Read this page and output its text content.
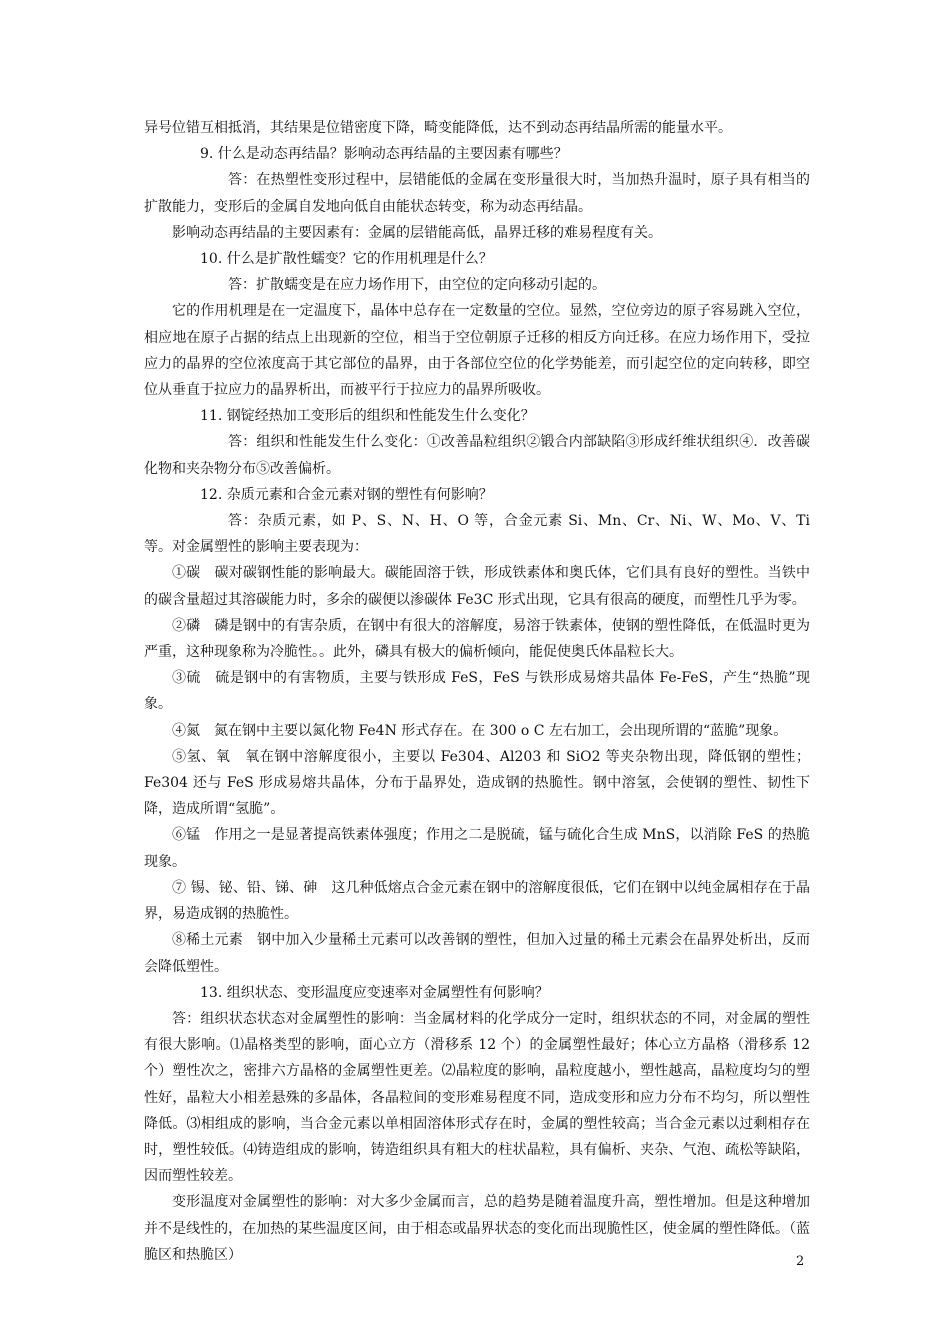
异号位错互相抵消，其结果是位错密度下降，畸变能降低，达不到动态再结晶所需的能量水平。

9. 什么是动态再结晶？影响动态再结晶的主要因素有哪些？

答：在热塑性变形过程中，层错能低的金属在变形量很大时，当加热升温时，原子具有相当的扩散能力，变形后的金属自发地向低自由能状态转变，称为动态再结晶。

影响动态再结晶的主要因素有：金属的层错能高低，晶界迁移的难易程度有关。

10. 什么是扩散性蠕变？它的作用机理是什么？

答：扩散蠕变是在应力场作用下，由空位的定向移动引起的。

它的作用机理是在一定温度下，晶体中总存在一定数量的空位。显然，空位旁边的原子容易跳入空位，相应地在原子占据的结点上出现新的空位，相当于空位朝原子迁移的相反方向迁移。在应力场作用下，受拉应力的晶界的空位浓度高于其它部位的晶界，由于各部位空位的化学势能差，而引起空位的定向转移，即空位从垂直于拉应力的晶界析出，而被平行于拉应力的晶界所吸收。

11. 钢锭经热加工变形后的组织和性能发生什么变化？

答：组织和性能发生什么变化：①改善晶粒组织②锻合内部缺陷③形成纤维状组织④．改善碳化物和夹杂物分布⑤改善偏析。

12. 杂质元素和合金元素对钢的塑性有何影响？

答：杂质元素，如 P、S、N、H、O 等，合金元素 Si、Mn、Cr、Ni、W、Mo、V、Ti 等。对金属塑性的影响主要表现为：

①碳　碳对碳钢性能的影响最大。碳能固溶于铁，形成铁素体和奥氏体，它们具有良好的塑性。当铁中的碳含量超过其溶碳能力时，多余的碳便以渗碳体 Fe3C 形式出现，它具有很高的硬度，而塑性几乎为零。

②磷　磷是钢中的有害杂质，在钢中有很大的溶解度，易溶于铁素体，使钢的塑性降低，在低温时更为严重，这种现象称为冷脆性。。此外，磷具有极大的偏析倾向，能促使奥氏体晶粒长大。

③硫　硫是钢中的有害物质，主要与铁形成 FeS，FeS 与铁形成易熔共晶体 Fe-FeS，产生“热脆”现象。

④氮　氮在钢中主要以氮化物 Fe4N 形式存在。在 300 o C 左右加工，会出现所谓的“蓝脆”现象。

⑤氢、氧　氧在钢中溶解度很小，主要以 Fe304、Al203 和 SiO2 等夹杂物出现，降低钢的塑性；Fe304 还与 FeS 形成易熔共晶体，分布于晶界处，造成钢的热脆性。钢中溶氢，会使钢的塑性、韧性下降，造成所谓“氢脆”。

⑥锰　作用之一是显著提高铁素体强度；作用之二是脱硫，锰与硫化合生成 MnS，以消除 FeS 的热脆现象。

⑦ 锡、铋、铅、锑、砷　这几种低熔点合金元素在钢中的溶解度很低，它们在钢中以纯金属相存在于晶界，易造成钢的热脆性。

⑧稀土元素　钢中加入少量稀土元素可以改善钢的塑性，但加入过量的稀土元素会在晶界处析出，反而会降低塑性。

13. 组织状态、变形温度应变速率对金属塑性有何影响？

答：组织状态状态对金属塑性的影响：当金属材料的化学成分一定时，组织状态的不同，对金属的塑性有很大影响。⑴晶格类型的影响，面心立方（滑移系 12 个）的金属塑性最好；体心立方晶格（滑移系 12 个）塑性次之，密排六方晶格的金属塑性更差。⑵晶粒度的影响，晶粒度越小，塑性越高，晶粒度均匀的塑性好，晶粒大小相差悬殊的多晶体，各晶粒间的变形难易程度不同，造成变形和应力分布不均匀，所以塑性降低。⑶相组成的影响，当合金元素以单相固溶体形式存在时，金属的塑性较高；当合金元素以过剩相存在时，塑性较低。⑷铸造组成的影响，铸造组织具有粗大的柱状晶粒，具有偏析、夹杂、气泡、疏松等缺陷，因而塑性较差。

变形温度对金属塑性的影响：对大多少金属而言，总的趋势是随着温度升高，塑性增加。但是这种增加并不是线性的，在加热的某些温度区间，由于相态或晶界状态的变化而出现脆性区，使金属的塑性降低。（蓝脆区和热脆区）	2
